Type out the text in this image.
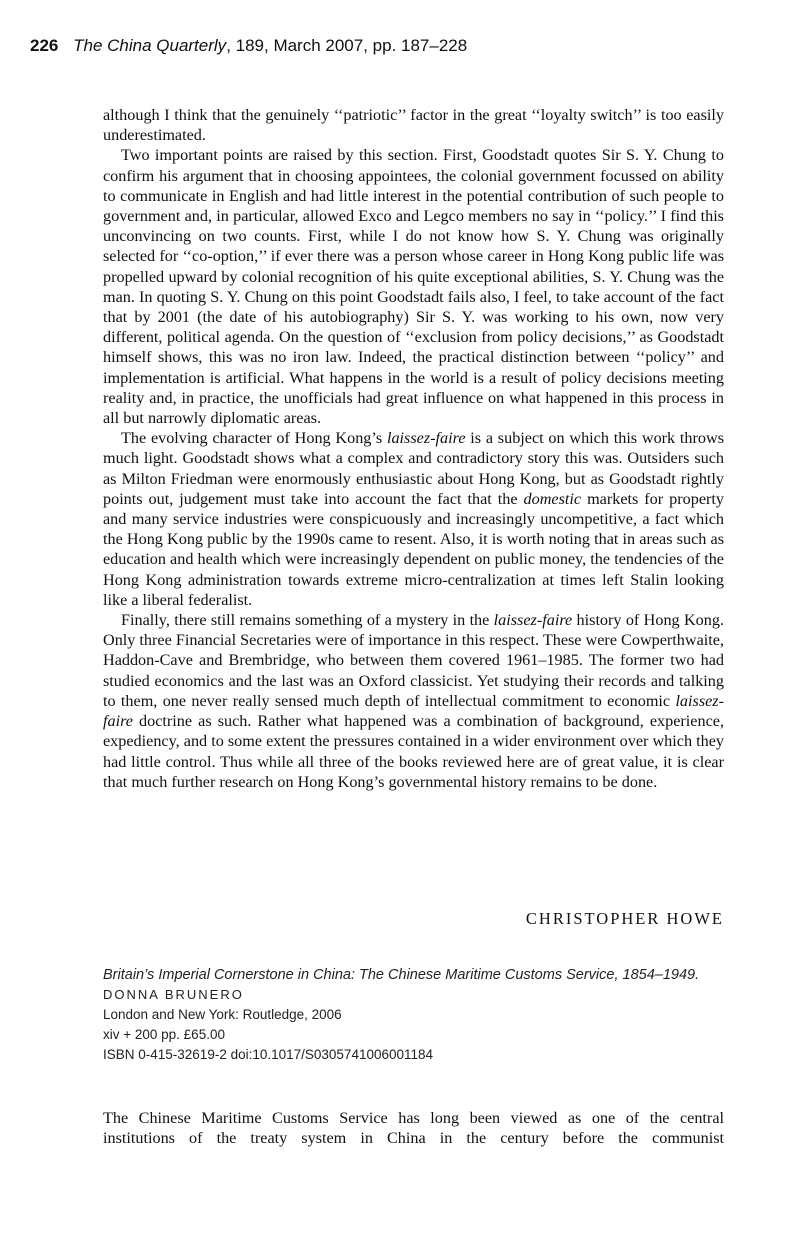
226 The China Quarterly, 189, March 2007, pp. 187–228

although I think that the genuinely ‘‘patriotic’’ factor in the great ‘‘loyalty switch’’ is too easily underestimated.

Two important points are raised by this section. First, Goodstadt quotes Sir S. Y. Chung to confirm his argument that in choosing appointees, the colonial government focussed on ability to communicate in English and had little interest in the potential contribution of such people to government and, in particular, allowed Exco and Legco members no say in ‘‘policy.’’ I find this unconvincing on two counts. First, while I do not know how S. Y. Chung was originally selected for ‘‘co-option,’’ if ever there was a person whose career in Hong Kong public life was propelled upward by colonial recognition of his quite exceptional abilities, S. Y. Chung was the man. In quoting S. Y. Chung on this point Goodstadt fails also, I feel, to take account of the fact that by 2001 (the date of his autobiography) Sir S. Y. was working to his own, now very different, political agenda. On the question of ‘‘exclusion from policy decisions,’’ as Goodstadt himself shows, this was no iron law. Indeed, the practical distinction between ‘‘policy’’ and implementation is artificial. What happens in the world is a result of policy decisions meeting reality and, in practice, the unofficials had great influence on what happened in this process in all but narrowly diplomatic areas.

The evolving character of Hong Kong’s laissez-faire is a subject on which this work throws much light. Goodstadt shows what a complex and contradictory story this was. Outsiders such as Milton Friedman were enormously enthusiastic about Hong Kong, but as Goodstadt rightly points out, judgement must take into account the fact that the domestic markets for property and many service industries were conspicuously and increasingly uncompetitive, a fact which the Hong Kong public by the 1990s came to resent. Also, it is worth noting that in areas such as education and health which were increasingly dependent on public money, the tendencies of the Hong Kong administration towards extreme micro-centralization at times left Stalin looking like a liberal federalist.

Finally, there still remains something of a mystery in the laissez-faire history of Hong Kong. Only three Financial Secretaries were of importance in this respect. These were Cowperthwaite, Haddon-Cave and Brembridge, who between them covered 1961–1985. The former two had studied economics and the last was an Oxford classicist. Yet studying their records and talking to them, one never really sensed much depth of intellectual commitment to economic laissez-faire doctrine as such. Rather what happened was a combination of background, experience, expediency, and to some extent the pressures contained in a wider environment over which they had little control. Thus while all three of the books reviewed here are of great value, it is clear that much further research on Hong Kong’s governmental history remains to be done.

CHRISTOPHER HOWE
Britain’s Imperial Cornerstone in China: The Chinese Maritime Customs Service, 1854–1949.
DONNA BRUNERO
London and New York: Routledge, 2006
xiv + 200 pp. £65.00
ISBN 0-415-32619-2 doi:10.1017/S0305741006001184

The Chinese Maritime Customs Service has long been viewed as one of the central

institutions of the treaty system in China in the century before the communist
